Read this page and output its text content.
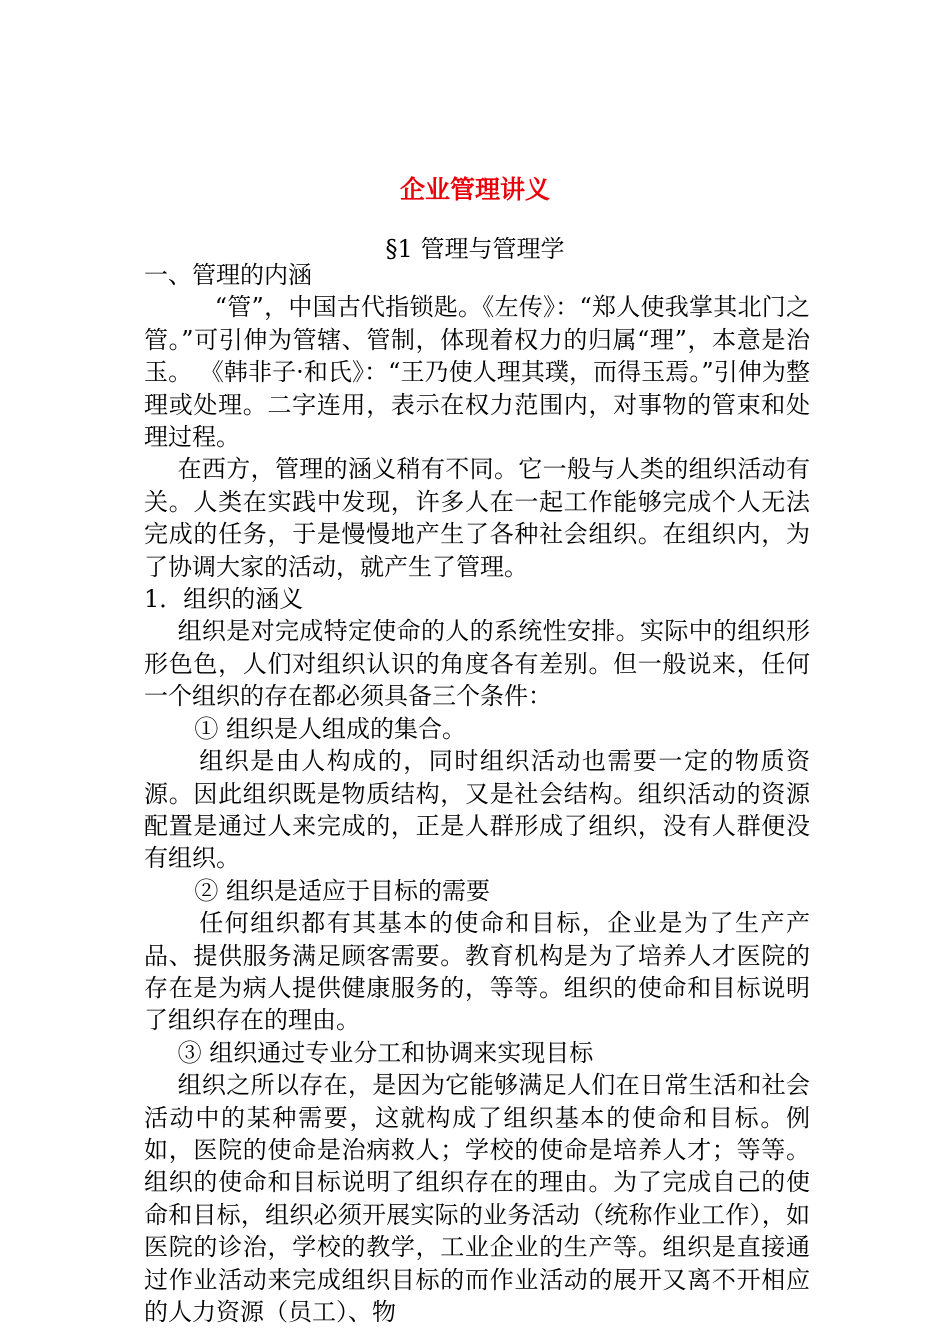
企业管理讲义
§1 管理与管理学

一、管理的内涵

“管”，中国古代指锁匙。《左传》：“郑人使我掌其北门之管。”可引伸为管辖、管制，体现着权力的归属“理”，本意是治玉。 《韩非子·和氏》：“王乃使人理其璞，而得玉焉。”引伸为整理或处理。二字连用，表示在权力范围内，对事物的管束和处理过程。

在西方，管理的涵义稍有不同。它一般与人类的组织活动有关。人类在实践中发现，许多人在一起工作能够完成个人无法完成的任务，于是慢慢地产生了各种社会组织。在组织内，为了协调大家的活动，就产生了管理。

1．组织的涵义

组织是对完成特定使命的人的系统性安排。实际中的组织形形色色，人们对组织认识的角度各有差别。但一般说来，任何一个组织的存在都必须具备三个条件：

① 组织是人组成的集合。

组织是由人构成的，同时组织活动也需要一定的物质资源。因此组织既是物质结构，又是社会结构。组织活动的资源配置是通过人来完成的，正是人群形成了组织，没有人群便没有组织。

② 组织是适应于目标的需要

任何组织都有其基本的使命和目标，企业是为了生产产品、提供服务满足顾客需要。教育机构是为了培养人才医院的存在是为病人提供健康服务的，等等。组织的使命和目标说明了组织存在的理由。

③ 组织通过专业分工和协调来实现目标

组织之所以存在，是因为它能够满足人们在日常生活和社会活动中的某种需要，这就构成了组织基本的使命和目标。例如，医院的使命是治病救人；学校的使命是培养人才；等等。组织的使命和目标说明了组织存在的理由。为了完成自己的使命和目标，组织必须开展实际的业务活动（统称作业工作），如医院的诊治，学校的教学，工业企业的生产等。组织是直接通过作业活动来完成组织目标的而作业活动的展开又离不开相应的人力资源（员工）、物
